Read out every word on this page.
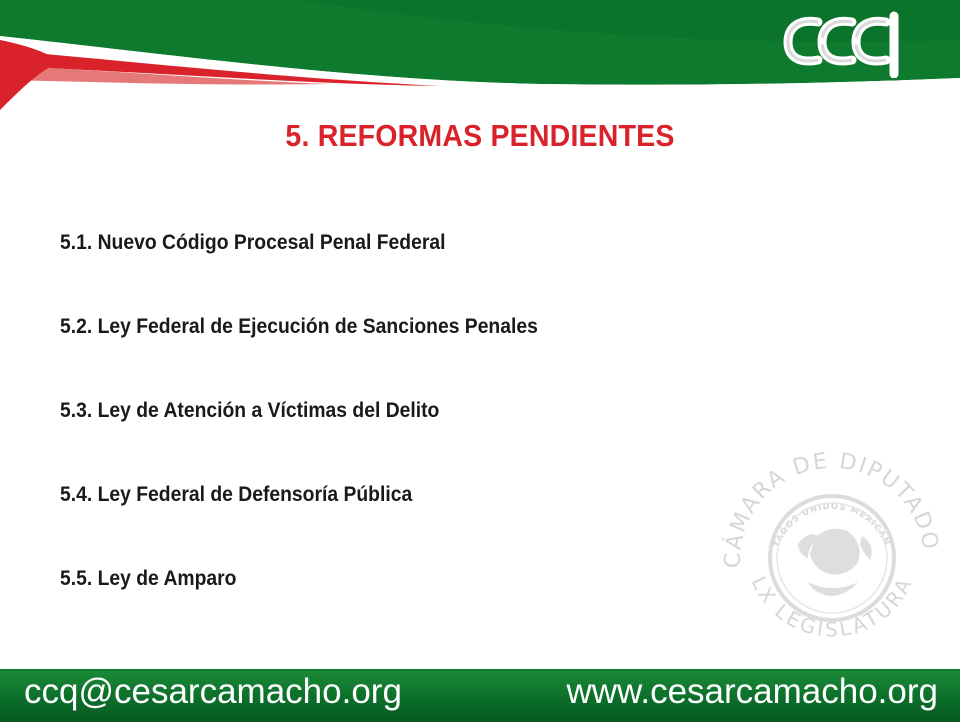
5. REFORMAS PENDIENTES
5.1. Nuevo Código Procesal Penal Federal
5.2. Ley Federal de Ejecución de Sanciones Penales
5.3. Ley de Atención a Víctimas del Delito
5.4. Ley Federal de Defensoría Pública
5.5. Ley de Amparo
CÁMARA DE DIPUTADO
LX LEGISLATURA
TADOS UNIDOS MEXICAN
ccq@cesarcamacho.org	www.cesarcamacho.org
